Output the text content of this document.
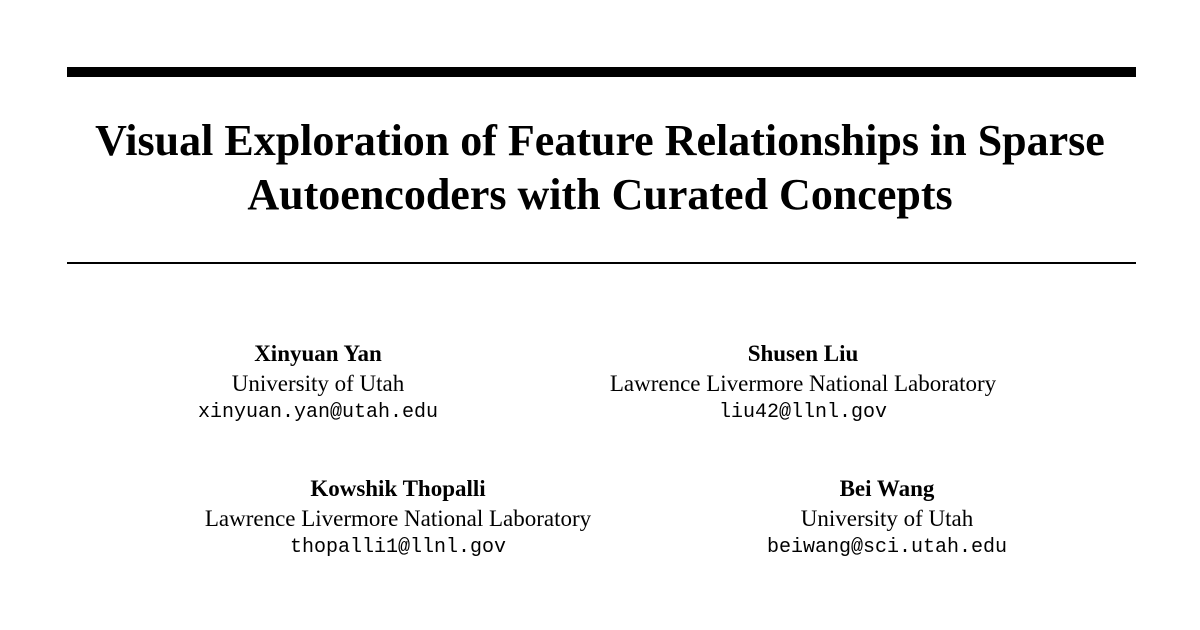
Visual Exploration of Feature Relationships in Sparse
Autoencoders with Curated Concepts
Xinyuan Yan
University of Utah
xinyuan.yan@utah.edu
Shusen Liu
Lawrence Livermore National Laboratory
liu42@llnl.gov
Kowshik Thopalli
Lawrence Livermore National Laboratory
thopalli1@llnl.gov
Bei Wang
University of Utah
beiwang@sci.utah.edu
